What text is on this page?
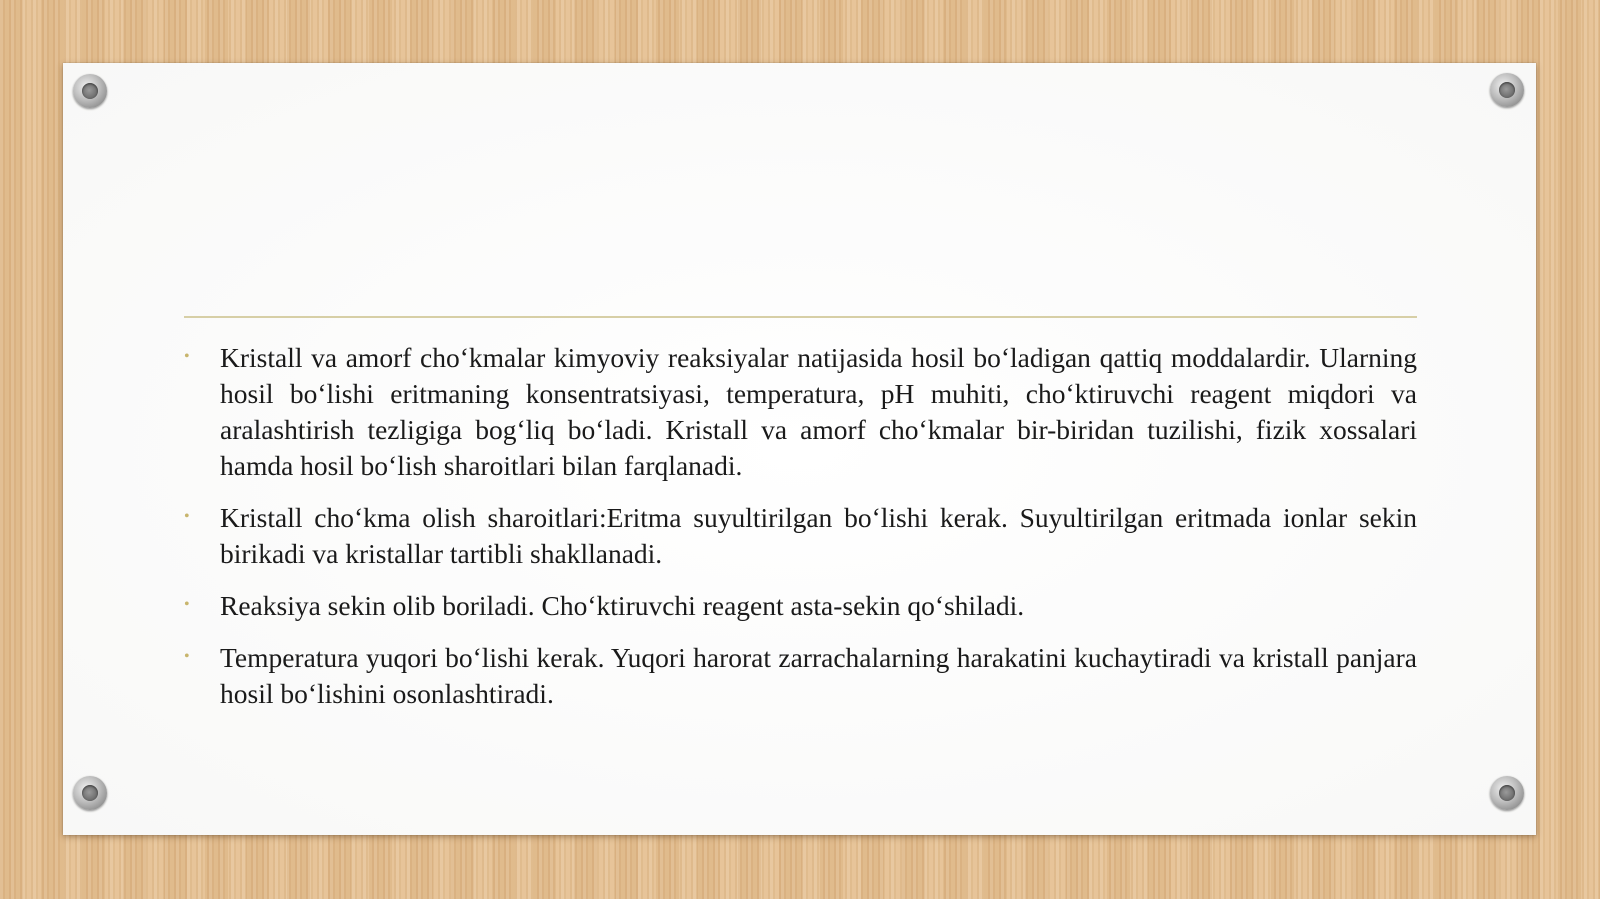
• Kristall va amorf cho‘kmalar kimyoviy reaksiyalar natijasida hosil bo‘ladigan qattiq moddalardir. Ularning hosil bo‘lishi eritmaning konsentratsiyasi, temperatura, pH muhiti, cho‘ktiruvchi reagent miqdori va aralashtirish tezligiga bog‘liq bo‘ladi. Kristall va amorf cho‘kmalar bir-biridan tuzilishi, fizik xossalari hamda hosil bo‘lish sharoitlari bilan farqlanadi.
• Kristall cho‘kma olish sharoitlari:Eritma suyultirilgan bo‘lishi kerak. Suyultirilgan eritmada ionlar sekin birikadi va kristallar tartibli shakllanadi.
• Reaksiya sekin olib boriladi. Cho‘ktiruvchi reagent asta-sekin qo‘shiladi.
• Temperatura yuqori bo‘lishi kerak. Yuqori harorat zarrachalarning harakatini kuchaytiradi va kristall panjara hosil bo‘lishini osonlashtiradi.
